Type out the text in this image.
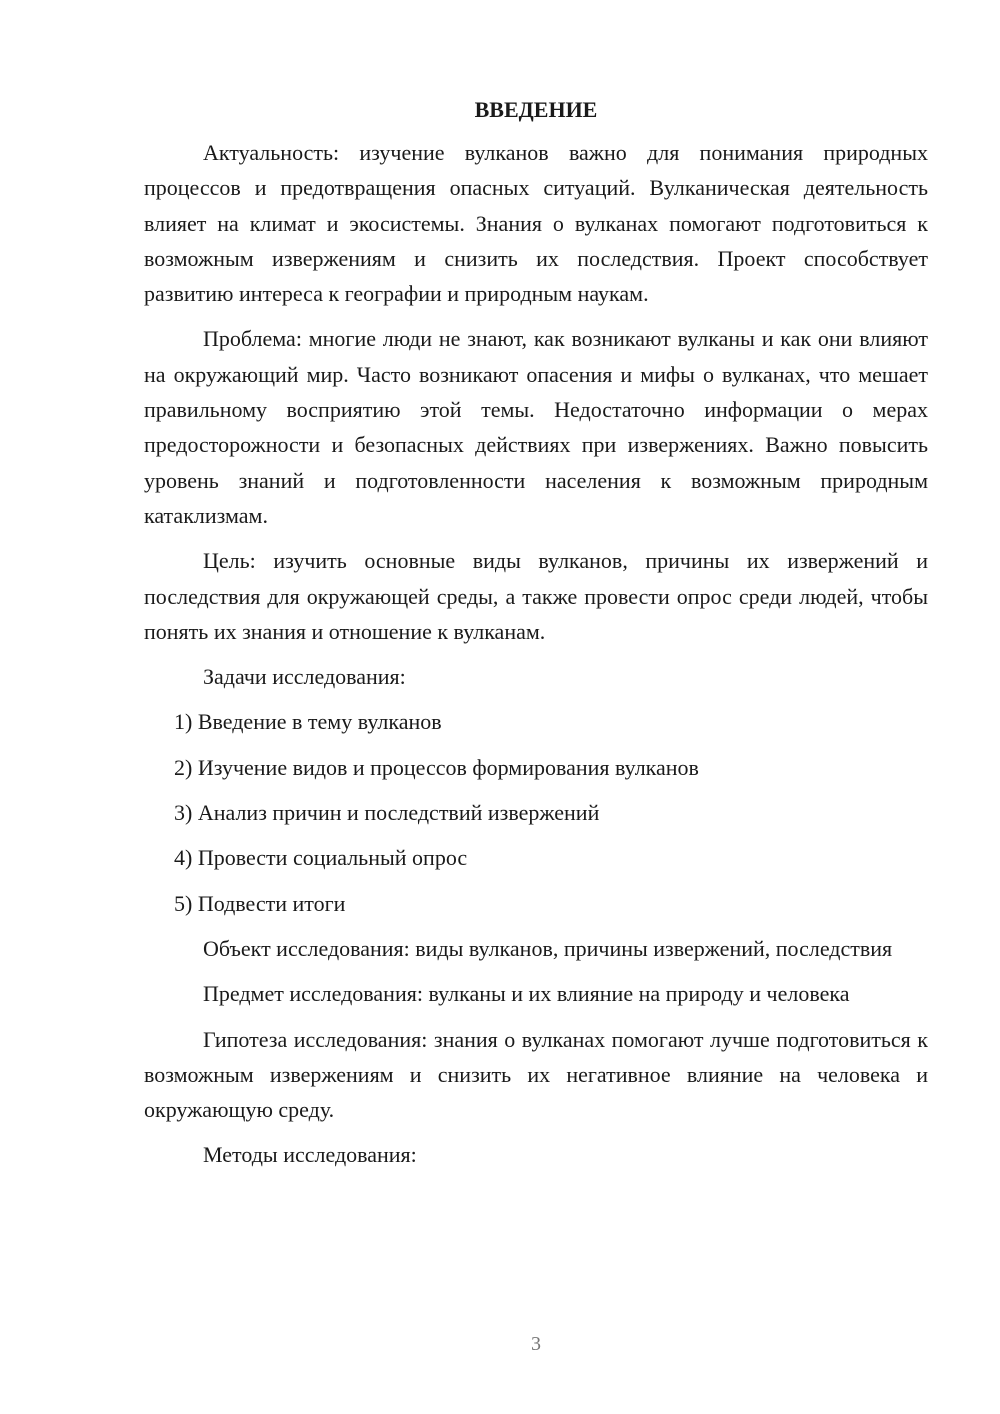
ВВЕДЕНИЕ

Актуальность: изучение вулканов важно для понимания природных процессов и предотвращения опасных ситуаций. Вулканическая деятельность влияет на климат и экосистемы. Знания о вулканах помогают подготовиться к возможным извержениям и снизить их последствия. Проект способствует развитию интереса к географии и природным наукам.

Проблема: многие люди не знают, как возникают вулканы и как они влияют на окружающий мир. Часто возникают опасения и мифы о вулканах, что мешает правильному восприятию этой темы. Недостаточно информации о мерах предосторожности и безопасных действиях при извержениях. Важно повысить уровень знаний и подготовленности населения к возможным природным катаклизмам.

Цель: изучить основные виды вулканов, причины их извержений и последствия для окружающей среды, а также провести опрос среди людей, чтобы понять их знания и отношение к вулканам.

Задачи исследования:

1) Введение в тему вулканов

2) Изучение видов и процессов формирования вулканов

3) Анализ причин и последствий извержений

4) Провести социальный опрос

5) Подвести итоги

Объект исследования: виды вулканов, причины извержений, последствия

Предмет исследования: вулканы и их влияние на природу и человека

Гипотеза исследования: знания о вулканах помогают лучше подготовиться к возможным извержениям и снизить их негативное влияние на человека и окружающую среду.

Методы исследования:

3
